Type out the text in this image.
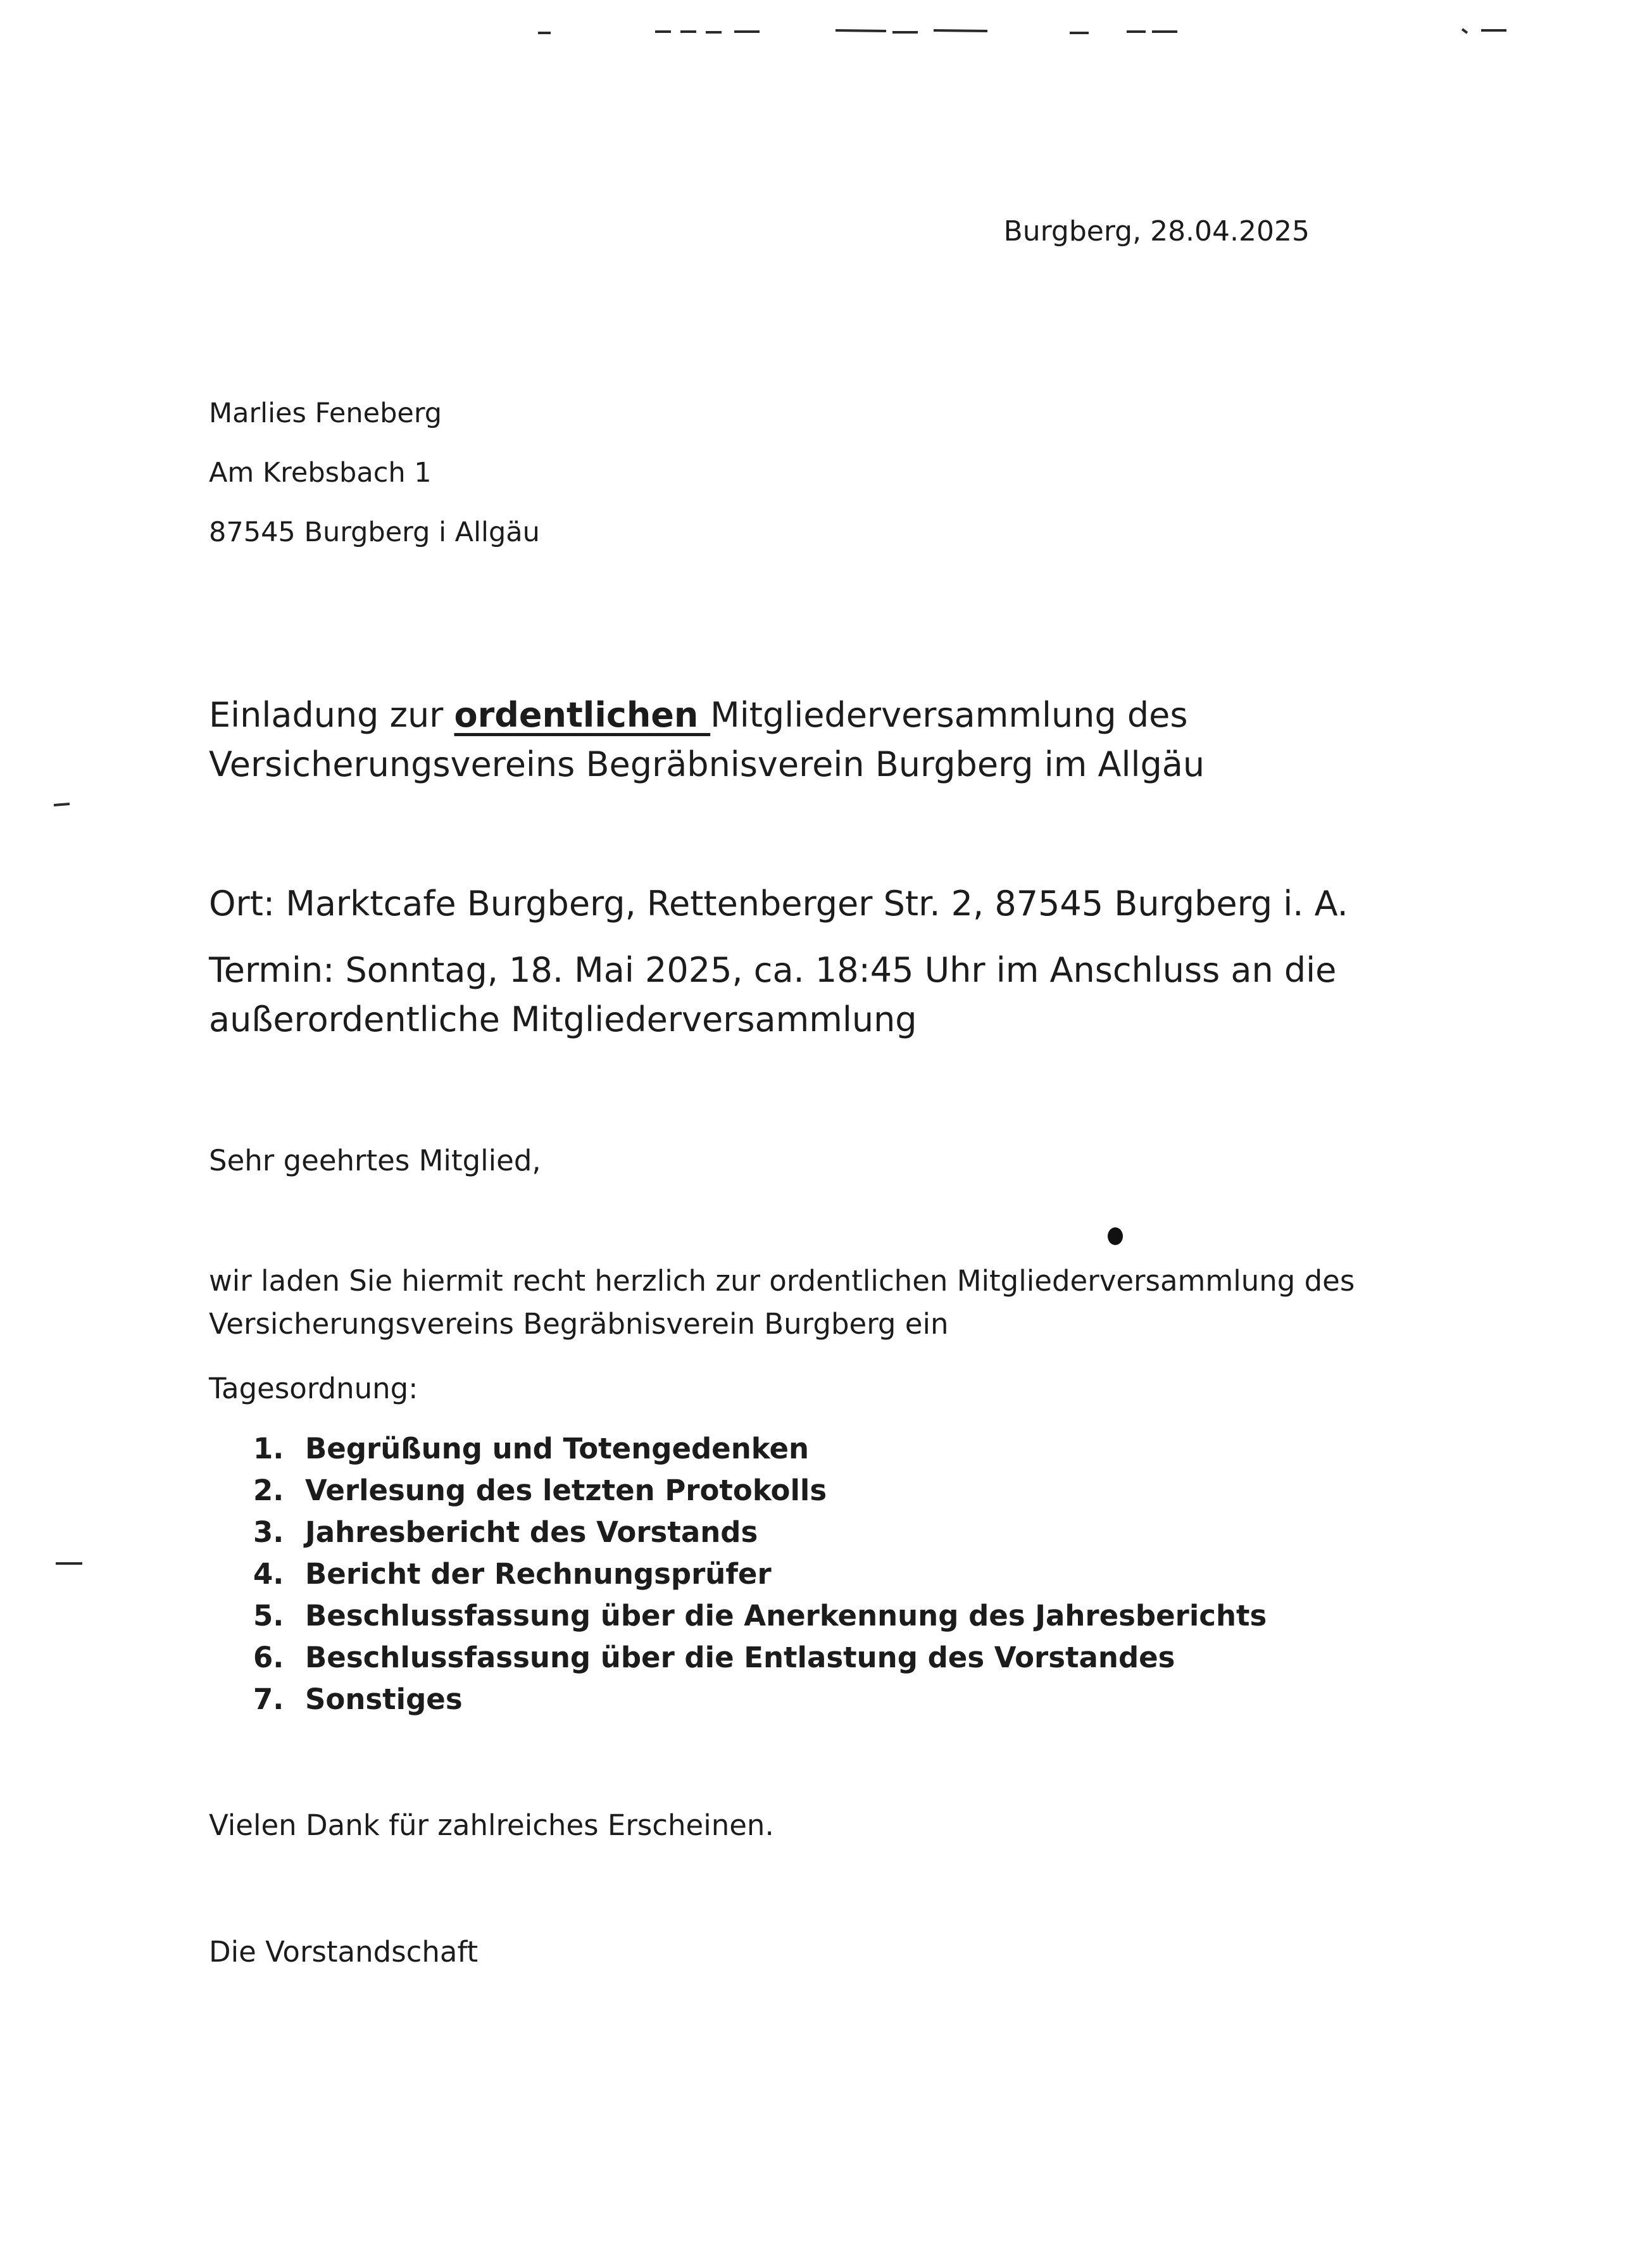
Burgberg, 28.04.2025
Marlies Feneberg
Am Krebsbach 1
87545 Burgberg i Allgäu
Einladung zur ordentlichen Mitgliederversammlung des
Versicherungsvereins Begräbnisverein Burgberg im Allgäu
Ort: Marktcafe Burgberg, Rettenberger Str. 2, 87545 Burgberg i. A.
Termin: Sonntag, 18. Mai 2025, ca. 18:45 Uhr im Anschluss an die
außerordentliche Mitgliederversammlung
Sehr geehrtes Mitglied,
wir laden Sie hiermit recht herzlich zur ordentlichen Mitgliederversammlung des
Versicherungsvereins Begräbnisverein Burgberg ein
Tagesordnung:
1. Begrüßung und Totengedenken
2. Verlesung des letzten Protokolls
3. Jahresbericht des Vorstands
4. Bericht der Rechnungsprüfer
5. Beschlussfassung über die Anerkennung des Jahresberichts
6. Beschlussfassung über die Entlastung des Vorstandes
7. Sonstiges
Vielen Dank für zahlreiches Erscheinen.
Die Vorstandschaft
